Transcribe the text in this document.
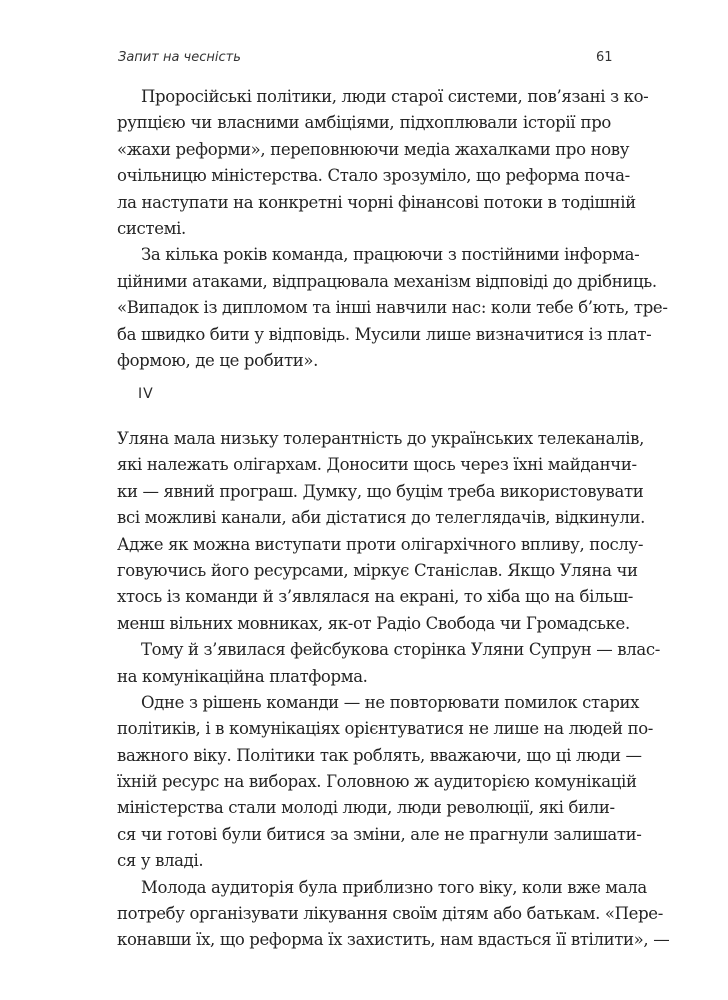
Запит на чесність	61
Проросійські політики, люди старої системи, пов’язані з ко-
рупцією чи власними амбіціями, підхоплювали історії про
«жахи реформи», переповнюючи медіа жахалками про нову
очільницю міністерства. Стало зрозуміло, що реформа поча-
ла наступати на конкретні чорні фінансові потоки в тодішній
системі.
За кілька років команда, працюючи з постійними інформа-
ційними атаками, відпрацювала механізм відповіді до дрібниць.
«Випадок із дипломом та інші навчили нас: коли тебе б’ють, тре-
ба швидко бити у відповідь. Мусили лише визначитися із плат-
формою, де це робити».
IV
Уляна мала низьку толерантність до українських телеканалів,
які належать олігархам. Доносити щось через їхні майданчи-
ки — явний програш. Думку, що буцім треба використовувати
всі можливі канали, аби дістатися до телеглядачів, відкинули.
Адже як можна виступати проти олігархічного впливу, послу-
говуючись його ресурсами, міркує Станіслав. Якщо Уляна чи
хтось із команди й з’являлася на екрані, то хіба що на більш-
менш вільних мовниках, як-от Радіо Свобода чи Громадське.
Тому й з’явилася фейсбукова сторінка Уляни Супрун — влас-
на комунікаційна платформа.
Одне з рішень команди — не повторювати помилок старих
політиків, і в комунікаціях орієнтуватися не лише на людей по-
важного віку. Політики так роблять, вважаючи, що ці люди —
їхній ресурс на виборах. Головною ж аудиторією комунікацій
міністерства стали молоді люди, люди революції, які били-
ся чи готові були битися за зміни, але не прагнули залишати-
ся у владі.
Молода аудиторія була приблизно того віку, коли вже мала
потребу організувати лікування своїм дітям або батькам. «Пере-
конавши їх, що реформа їх захистить, нам вдасться її втілити», —
